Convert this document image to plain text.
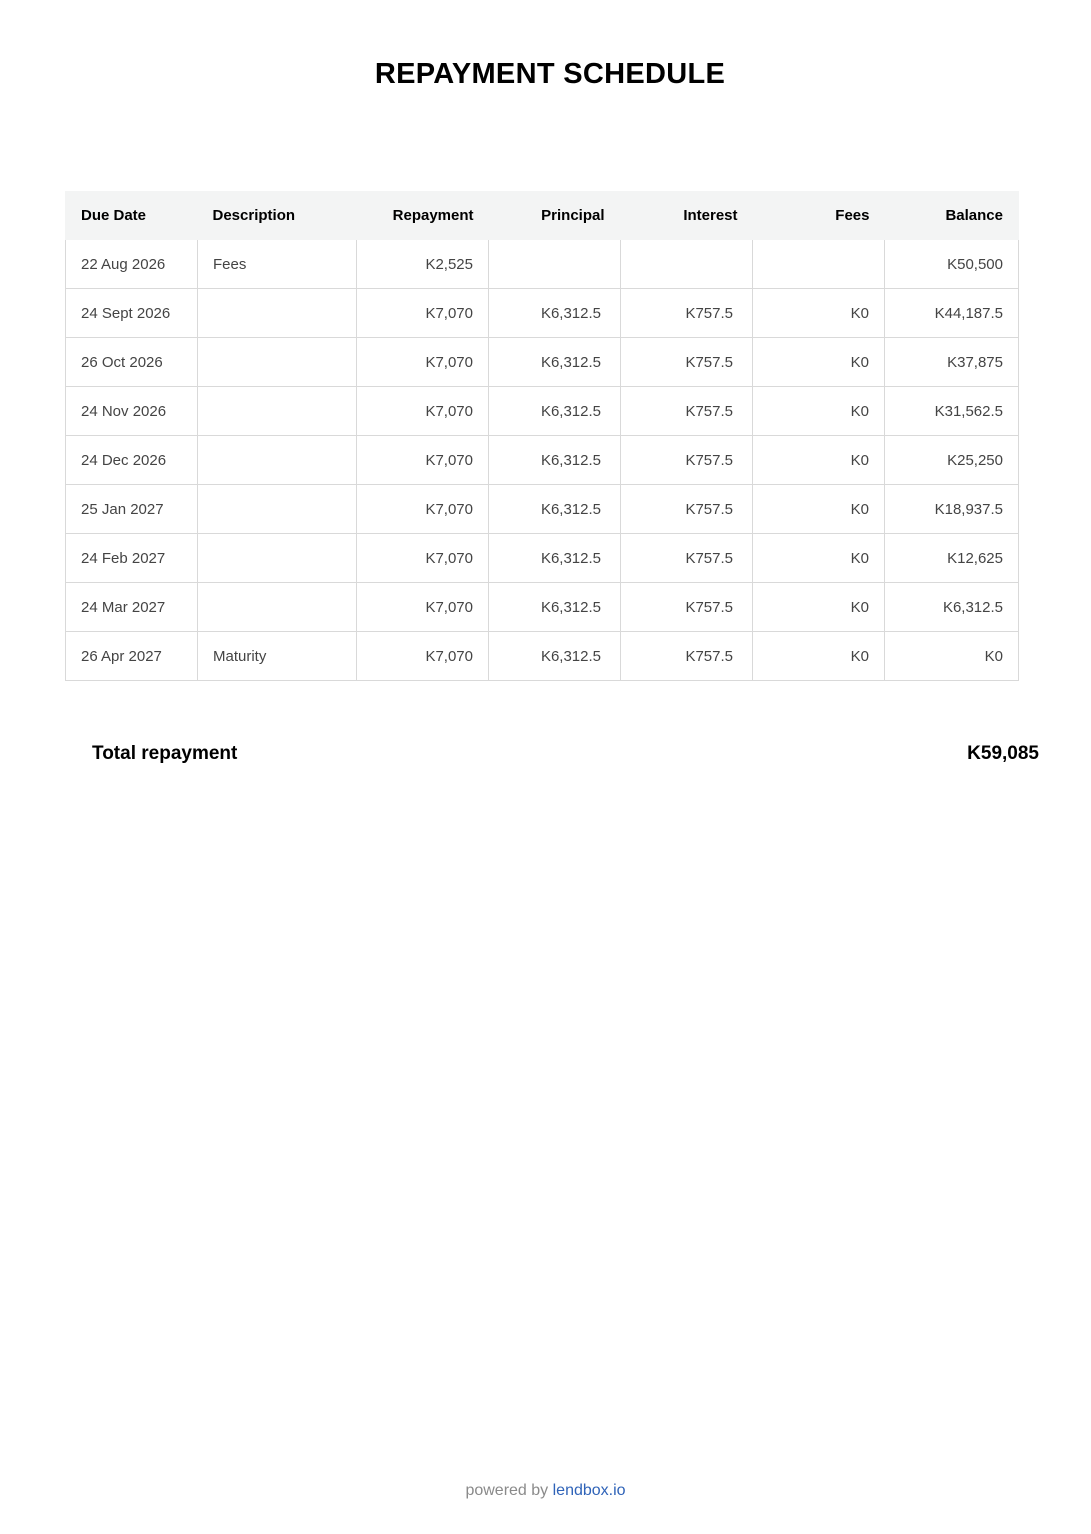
REPAYMENT SCHEDULE
Due Date	Description	Repayment	Principal	Interest	Fees	Balance
22 Aug 2026	Fees	K2,525				K50,500
24 Sept 2026		K7,070	K6,312.5	K757.5	K0	K44,187.5
26 Oct 2026		K7,070	K6,312.5	K757.5	K0	K37,875
24 Nov 2026		K7,070	K6,312.5	K757.5	K0	K31,562.5
24 Dec 2026		K7,070	K6,312.5	K757.5	K0	K25,250
25 Jan 2027		K7,070	K6,312.5	K757.5	K0	K18,937.5
24 Feb 2027		K7,070	K6,312.5	K757.5	K0	K12,625
24 Mar 2027		K7,070	K6,312.5	K757.5	K0	K6,312.5
26 Apr 2027	Maturity	K7,070	K6,312.5	K757.5	K0	K0
Total repayment	K59,085
powered by lendbox.io
